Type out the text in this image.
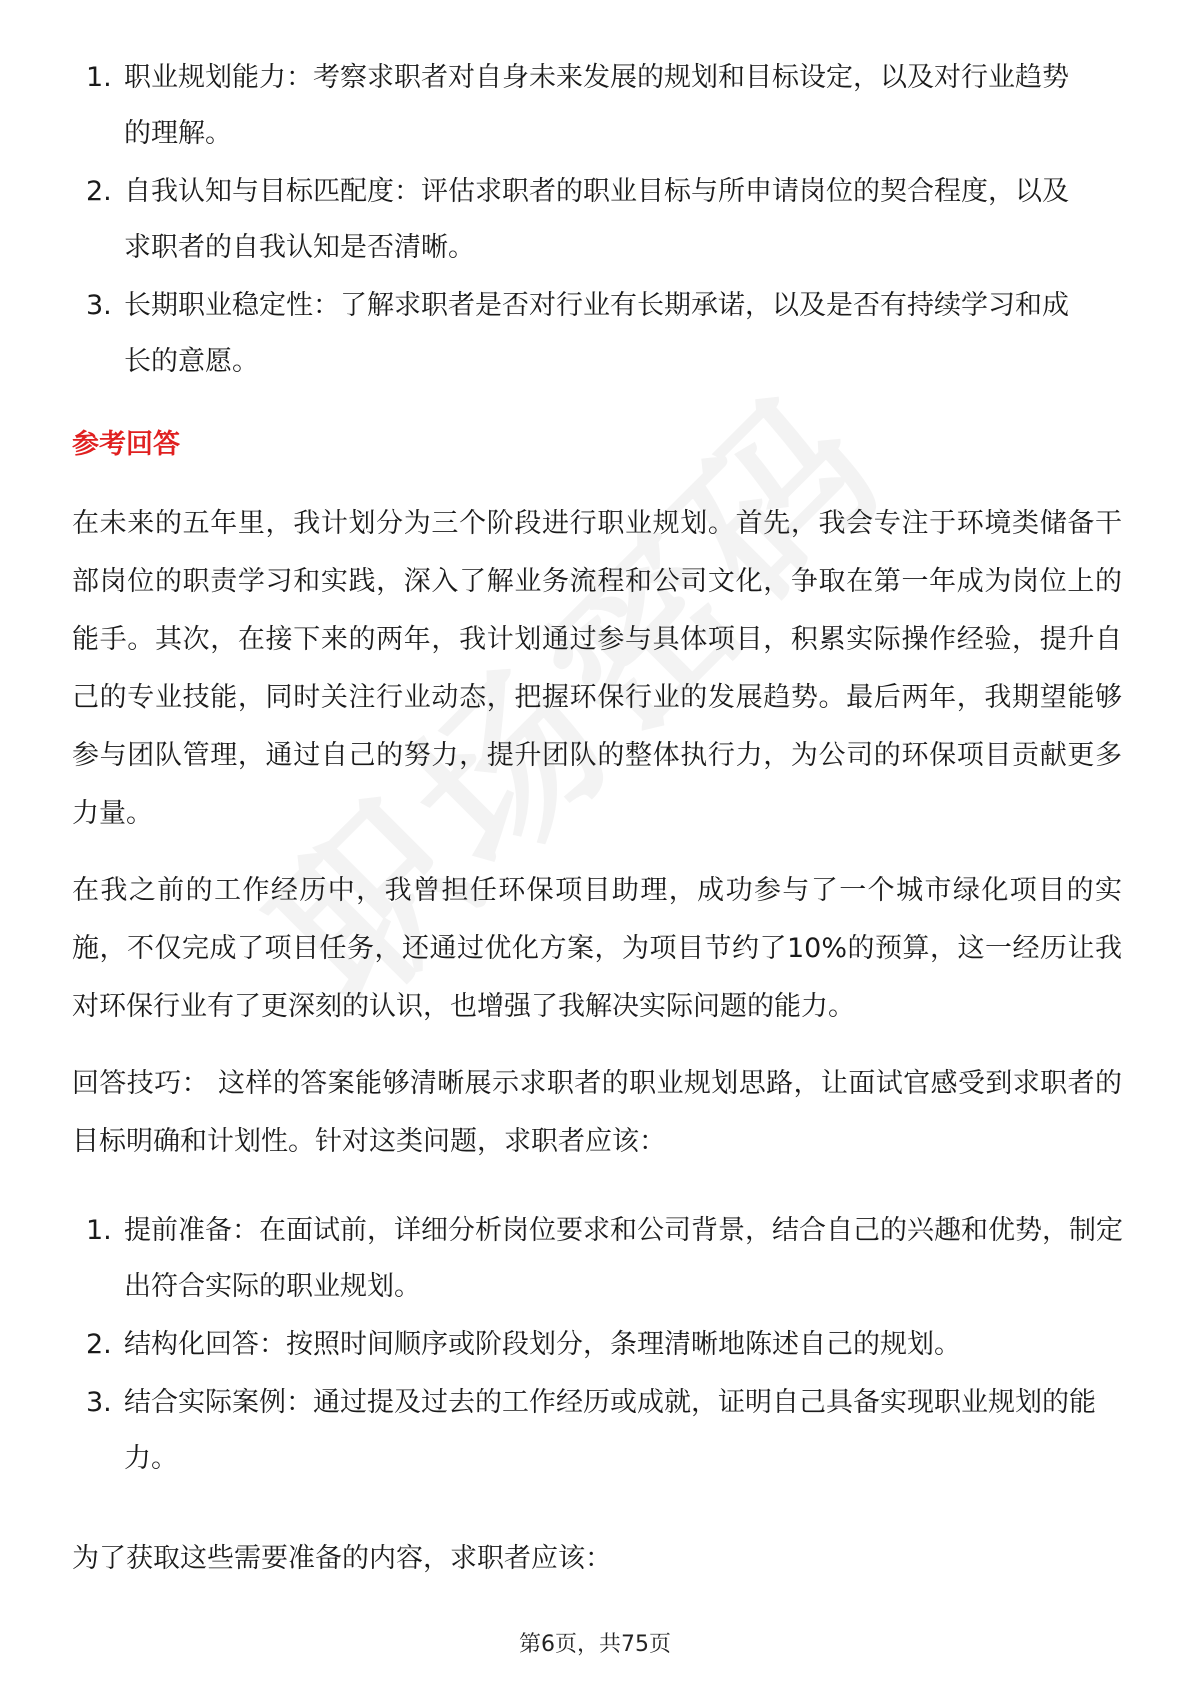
1. 职业规划能力：考察求职者对自身未来发展的规划和目标设定，以及对行业趋势的理解。
2. 自我认知与目标匹配度：评估求职者的职业目标与所申请岗位的契合程度，以及求职者的自我认知是否清晰。
3. 长期职业稳定性：了解求职者是否对行业有长期承诺，以及是否有持续学习和成长的意愿。
参考回答

在未来的五年里，我计划分为三个阶段进行职业规划。首先，我会专注于环境类储备干部岗位的职责学习和实践，深入了解业务流程和公司文化，争取在第一年成为岗位上的能手。其次，在接下来的两年，我计划通过参与具体项目，积累实际操作经验，提升自己的专业技能，同时关注行业动态，把握环保行业的发展趋势。最后两年，我期望能够参与团队管理，通过自己的努力，提升团队的整体执行力，为公司的环保项目贡献更多力量。

在我之前的工作经历中，我曾担任环保项目助理，成功参与了一个城市绿化项目的实施，不仅完成了项目任务，还通过优化方案，为项目节约了10%的预算，这一经历让我对环保行业有了更深刻的认识，也增强了我解决实际问题的能力。

回答技巧： 这样的答案能够清晰展示求职者的职业规划思路，让面试官感受到求职者的目标明确和计划性。针对这类问题，求职者应该：

1. 提前准备：在面试前，详细分析岗位要求和公司背景，结合自己的兴趣和优势，制定出符合实际的职业规划。
2. 结构化回答：按照时间顺序或阶段划分，条理清晰地陈述自己的规划。
3. 结合实际案例：通过提及过去的工作经历或成就，证明自己具备实现职业规划的能力。

为了获取这些需要准备的内容，求职者应该：

第6页，共75页
